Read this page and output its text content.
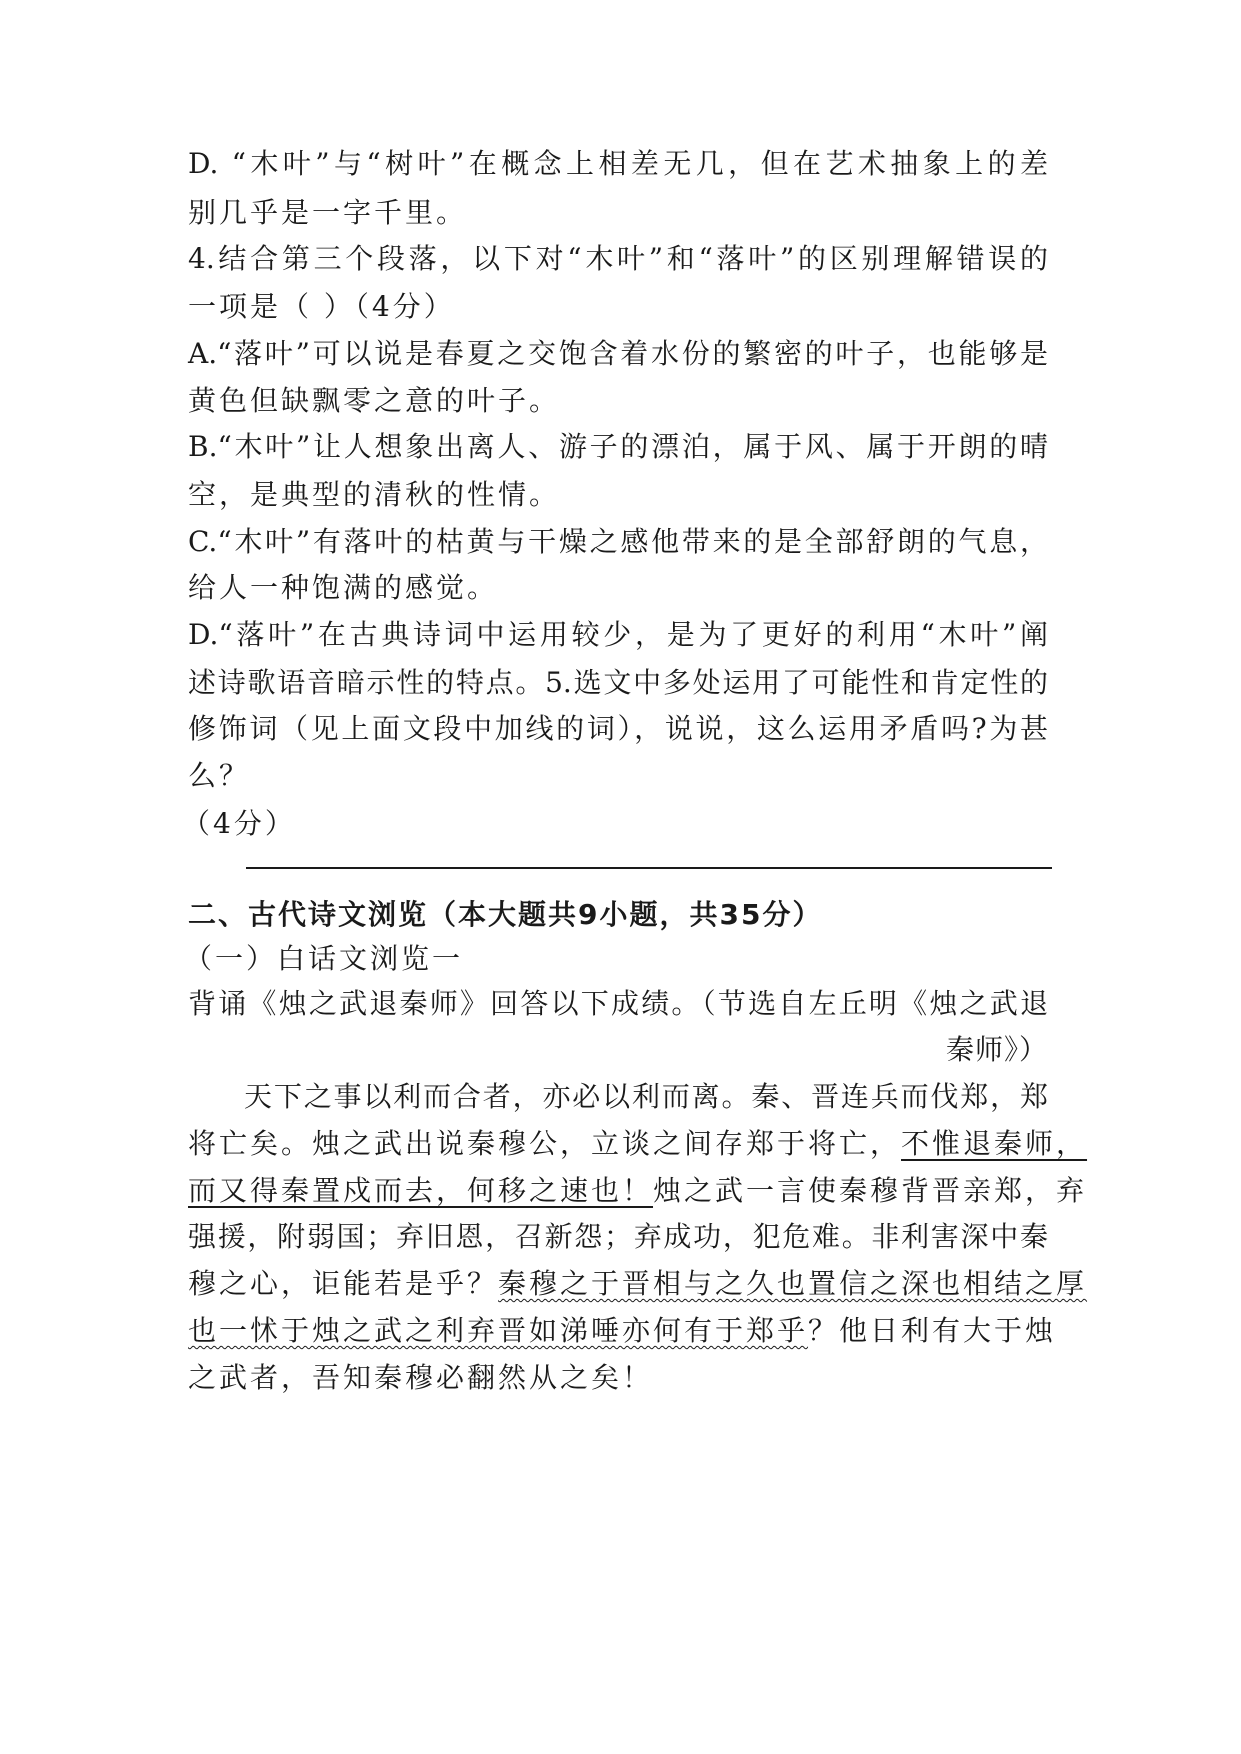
D. “木叶”与“树叶”在概念上相差无几，但在艺术抽象上的差
别几乎是一字千里。
4.结合第三个段落，以下对“木叶”和“落叶”的区别理解错误的
一项是（ ）（4分）
A.“落叶”可以说是春夏之交饱含着水份的繁密的叶子，也能够是
黄色但缺飘零之意的叶子。
B.“木叶”让人想象出离人、游子的漂泊，属于风、属于开朗的晴
空，是典型的清秋的性情。
C.“木叶”有落叶的枯黄与干燥之感他带来的是全部舒朗的气息，
给人一种饱满的感觉。
D.“落叶”在古典诗词中运用较少，是为了更好的利用“木叶”阐
述诗歌语音暗示性的特点。5.选文中多处运用了可能性和肯定性的
修饰词（见上面文段中加线的词），说说，这么运用矛盾吗?为甚
么？
（4分）
二、古代诗文浏览（本大题共9小题，共35分）
（一）白话文浏览一
背诵《烛之武退秦师》回答以下成绩。（节选自左丘明《烛之武退
秦师》）
天下之事以利而合者，亦必以利而离。秦、晋连兵而伐郑，郑
将亡矣。烛之武出说秦穆公，立谈之间存郑于将亡，不惟退秦师，
而又得秦置戍而去，何移之速也！烛之武一言使秦穆背晋亲郑，弃
强援，附弱国；弃旧恩，召新怨；弃成功，犯危难。非利害深中秦
穆之心，讵能若是乎？秦穆之于晋相与之久也置信之深也相结之厚
也一怵于烛之武之利弃晋如涕唾亦何有于郑乎？他日利有大于烛
之武者，吾知秦穆必翻然从之矣！
